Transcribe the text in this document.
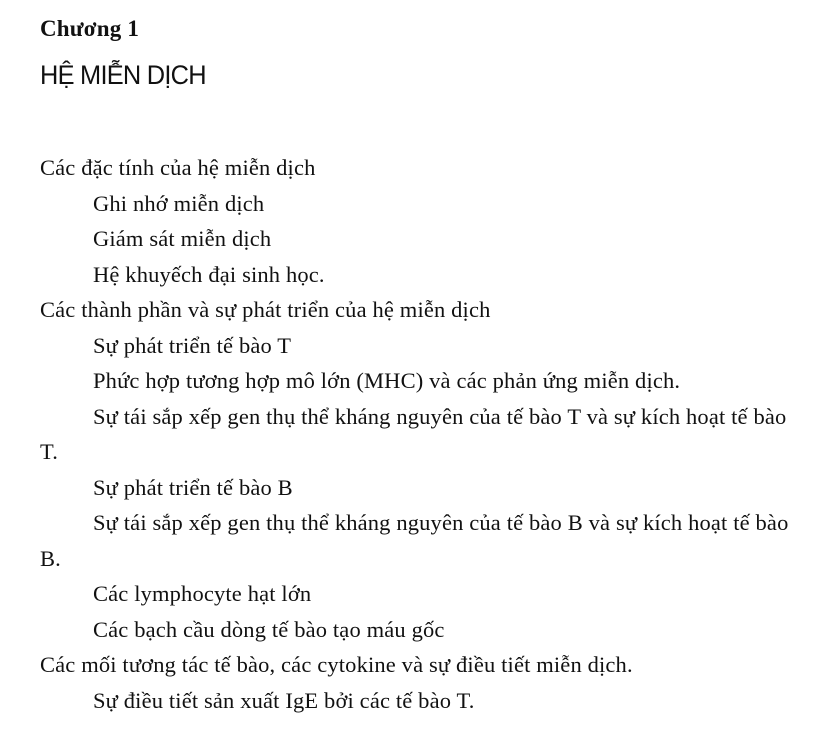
Chương 1
HỆ MIỄN DỊCH

Các đặc tính của hệ miễn dịch

Ghi nhớ miễn dịch

Giám sát miễn dịch

Hệ khuyếch đại sinh học.

Các thành phần và sự phát triển của hệ miễn dịch

Sự phát triển tế bào T

Phức hợp tương hợp mô lớn (MHC) và các phản ứng miễn dịch.

Sự tái sắp xếp gen thụ thể kháng nguyên của tế bào T và sự kích hoạt tế bào T.

Sự phát triển tế bào B

Sự tái sắp xếp gen thụ thể kháng nguyên của tế bào B và sự kích hoạt tế bào B.

Các lymphocyte hạt lớn

Các bạch cầu dòng tế bào tạo máu gốc

Các mối tương tác tế bào, các cytokine và sự điều tiết miễn dịch.

Sự điều tiết sản xuất IgE bởi các tế bào T.
